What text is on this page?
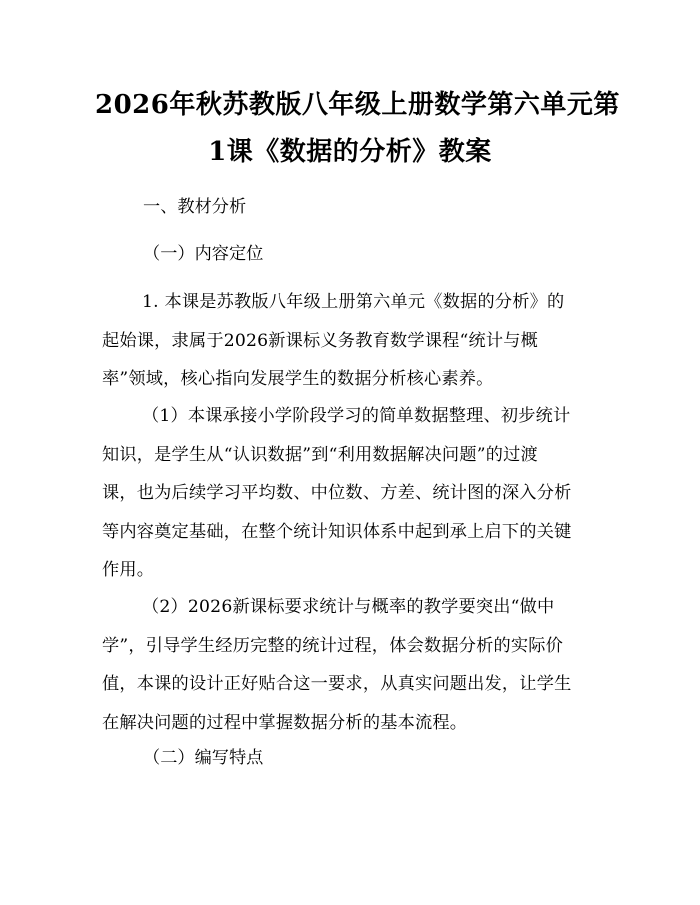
2026年秋苏教版八年级上册数学第六单元第
1课《数据的分析》教案
一、教材分析
（一）内容定位
1. 本课是苏教版八年级上册第六单元《数据的分析》的
起始课，隶属于2026新课标义务教育数学课程“统计与概
率”领域，核心指向发展学生的数据分析核心素养。
（1）本课承接小学阶段学习的简单数据整理、初步统计
知识，是学生从“认识数据”到“利用数据解决问题”的过渡
课，也为后续学习平均数、中位数、方差、统计图的深入分析
等内容奠定基础，在整个统计知识体系中起到承上启下的关键
作用。
（2）2026新课标要求统计与概率的教学要突出“做中
学”，引导学生经历完整的统计过程，体会数据分析的实际价
值，本课的设计正好贴合这一要求，从真实问题出发，让学生
在解决问题的过程中掌握数据分析的基本流程。
（二）编写特点
